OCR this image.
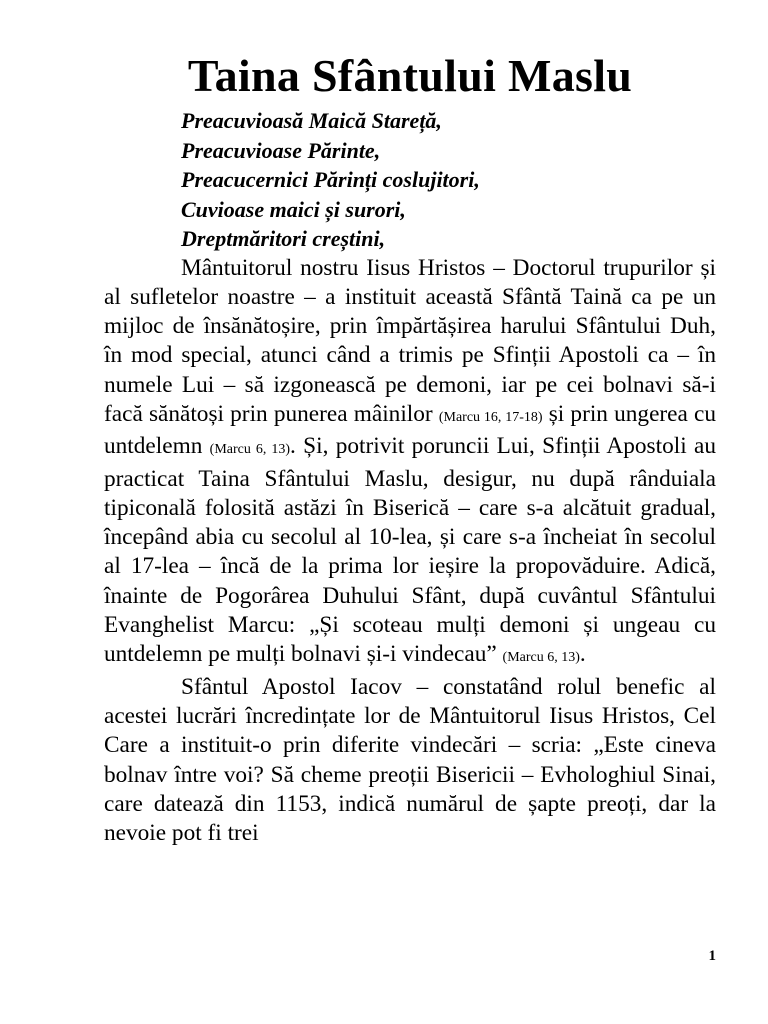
Taina Sfântului Maslu
Preacuvioasă Maică Stareță,
Preacuvioase Părinte,
Preacucernici Părinți coslujitori,
Cuvioase maici și surori,
Dreptmăritori creștini,

Mântuitorul nostru Iisus Hristos – Doctorul trupurilor și al sufletelor noastre – a instituit această Sfântă Taină ca pe un mijloc de însănătoșire, prin împărtășirea harului Sfântului Duh, în mod special, atunci când a trimis pe Sfinții Apostoli ca – în numele Lui – să izgonească pe demoni, iar pe cei bolnavi să-i facă sănătoși prin punerea mâinilor (Marcu 16, 17-18) și prin ungerea cu untdelemn (Marcu 6, 13). Și, potrivit poruncii Lui, Sfinții Apostoli au practicat Taina Sfântului Maslu, desigur, nu după rânduiala tipiconală folosită astăzi în Biserică – care s-a alcătuit gradual, începând abia cu secolul al 10-lea, și care s-a încheiat în secolul al 17-lea – încă de la prima lor ieșire la propovăduire. Adică, înainte de Pogorârea Duhului Sfânt, după cuvântul Sfântului Evanghelist Marcu: „Și scoteau mulți demoni și ungeau cu untdelemn pe mulți bolnavi și-i vindecau” (Marcu 6, 13).

Sfântul Apostol Iacov – constatând rolul benefic al acestei lucrări încredințate lor de Mântuitorul Iisus Hristos, Cel Care a instituit-o prin diferite vindecări – scria: „Este cineva bolnav între voi? Să cheme preoții Bisericii – Evhologhiul Sinai, care datează din 1153, indică numărul de șapte preoți, dar la nevoie pot fi trei

1
